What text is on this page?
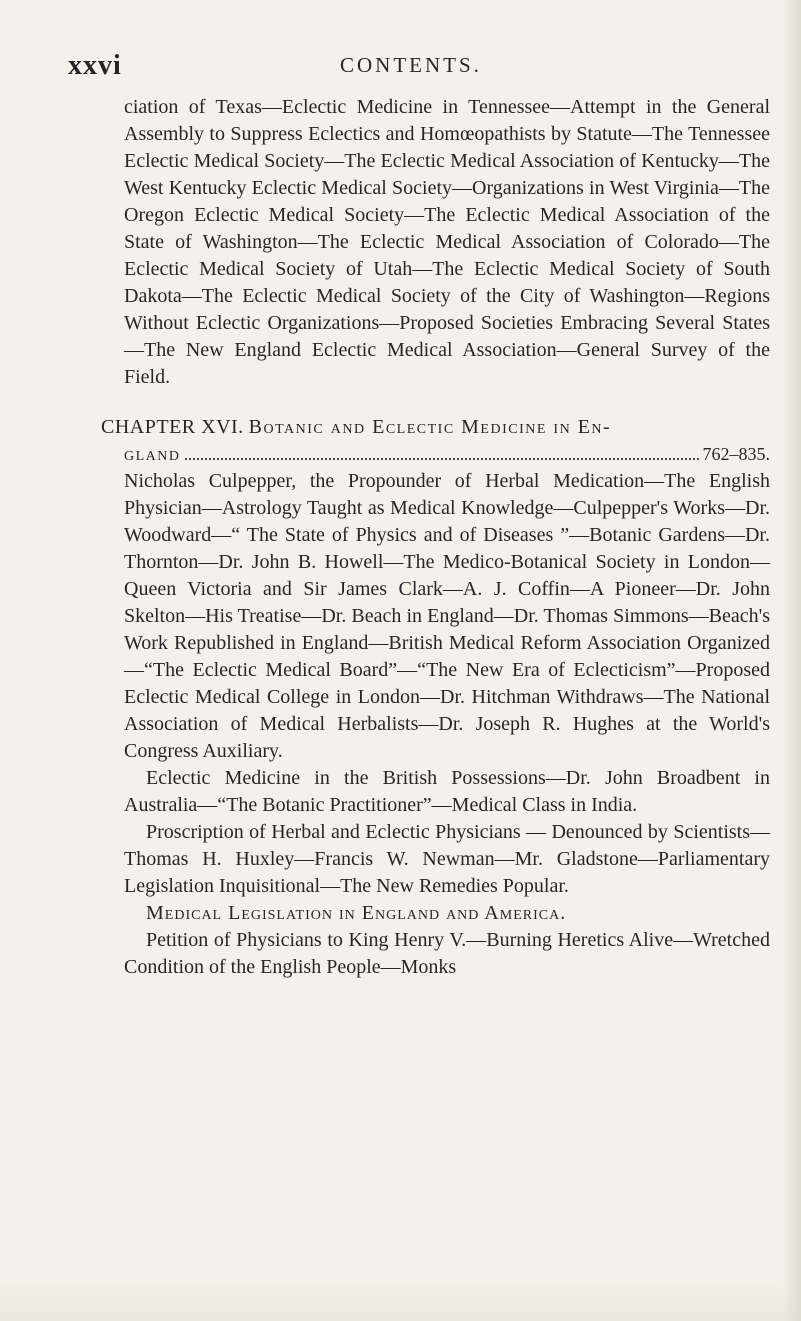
xxvi	CONTENTS.

ciation of Texas—Eclectic Medicine in Tennessee—Attempt in the General Assembly to Suppress Eclectics and Homœopathists by Statute—The Tennessee Eclectic Medical Society—The Eclectic Medical Association of Kentucky—The West Kentucky Eclectic Medical Society—Organizations in West Virginia—The Oregon Eclectic Medical Society—The Eclectic Medical Association of the State of Washington—The Eclectic Medical Association of Colorado—The Eclectic Medical Society of Utah—The Eclectic Medical Society of South Dakota—The Eclectic Medical Society of the City of Washington—Regions Without Eclectic Organizations—Proposed Societies Embracing Several States—The New England Eclectic Medical Association—General Survey of the Field.

CHAPTER XVI. Botanic and Eclectic Medicine in En-

gland	762–835.

Nicholas Culpepper, the Propounder of Herbal Medication—The English Physician—Astrology Taught as Medical Knowledge—Culpepper's Works—Dr. Woodward—“ The State of Physics and of Diseases ”—Botanic Gardens—Dr. Thornton—Dr. John B. Howell—The Medico-Botanical Society in London—Queen Victoria and Sir James Clark—A. J. Coffin—A Pioneer—Dr. John Skelton—His Treatise—Dr. Beach in England—Dr. Thomas Simmons—Beach's Work Republished in England—British Medical Reform Association Organized—“The Eclectic Medical Board”—“The New Era of Eclecticism”—Proposed Eclectic Medical College in London—Dr. Hitchman Withdraws—The National Association of Medical Herbalists—Dr. Joseph R. Hughes at the World's Congress Auxiliary.

Eclectic Medicine in the British Possessions—Dr. John Broadbent in Australia—“The Botanic Practitioner”—Medical Class in India.

Proscription of Herbal and Eclectic Physicians — Denounced by Scientists—Thomas H. Huxley—Francis W. Newman—Mr. Gladstone—Parliamentary Legislation Inquisitional—The New Remedies Popular.

Medical Legislation in England and America.

Petition of Physicians to King Henry V.—Burning Heretics Alive—Wretched Condition of the English People—Monks
